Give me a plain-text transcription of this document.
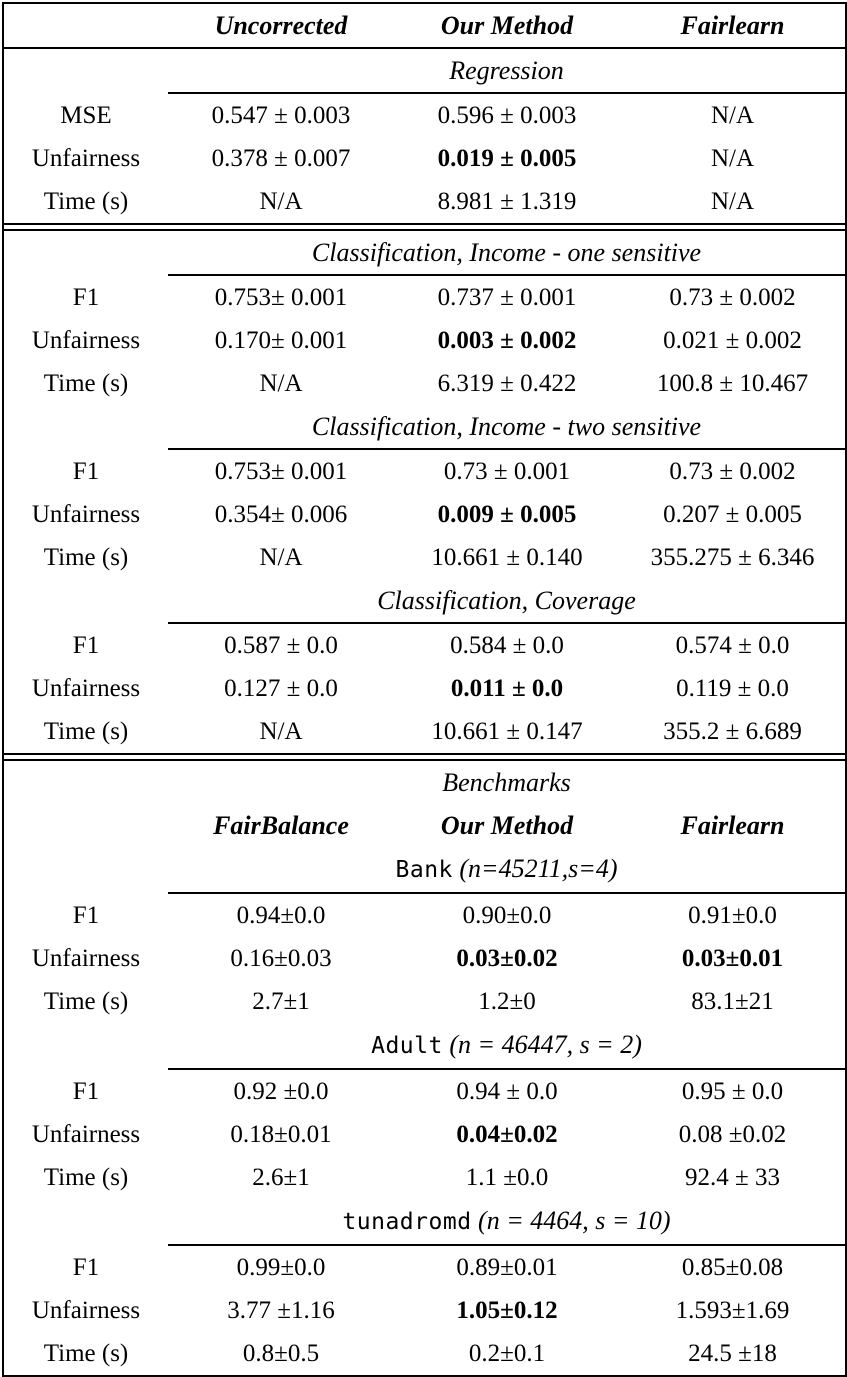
	Uncorrected	Our Method	Fairlearn
	Regression		

MSE	0.547 ± 0.003	0.596 ± 0.003	N/A
Unfairness	0.378 ± 0.007	0.019 ± 0.005	N/A
Time (s)	N/A	8.981 ± 1.319	N/A

	Classification, Income - one sensitive		

F1	0.753± 0.001	0.737 ± 0.001	0.73 ± 0.002
Unfairness	0.170± 0.001	0.003 ± 0.002	0.021 ± 0.002
Time (s)	N/A	6.319 ± 0.422	100.8 ± 10.467
	Classification, Income - two sensitive		

F1	0.753± 0.001	0.73 ± 0.001	0.73 ± 0.002
Unfairness	0.354± 0.006	0.009 ± 0.005	0.207 ± 0.005
Time (s)	N/A	10.661 ± 0.140	355.275 ± 6.346
	Classification, Coverage		

F1	0.587 ± 0.0	0.584 ± 0.0	0.574 ± 0.0
Unfairness	0.127 ± 0.0	0.011 ± 0.0	0.119 ± 0.0
Time (s)	N/A	10.661 ± 0.147	355.2 ± 6.689

	Benchmarks		
	FairBalance	Our Method	Fairlearn
	Bank (n=45211,s=4)		

F1	0.94±0.0	0.90±0.0	0.91±0.0
Unfairness	0.16±0.03	0.03±0.02	0.03±0.01
Time (s)	2.7±1	1.2±0	83.1±21
	Adult (n = 46447, s = 2)		

F1	0.92 ±0.0	0.94 ± 0.0	0.95 ± 0.0
Unfairness	0.18±0.01	0.04±0.02	0.08 ±0.02
Time (s)	2.6±1	1.1 ±0.0	92.4 ± 33
	tunadromd (n = 4464, s = 10)		

F1	0.99±0.0	0.89±0.01	0.85±0.08
Unfairness	3.77 ±1.16	1.05±0.12	1.593±1.69
Time (s)	0.8±0.5	0.2±0.1	24.5 ±18
